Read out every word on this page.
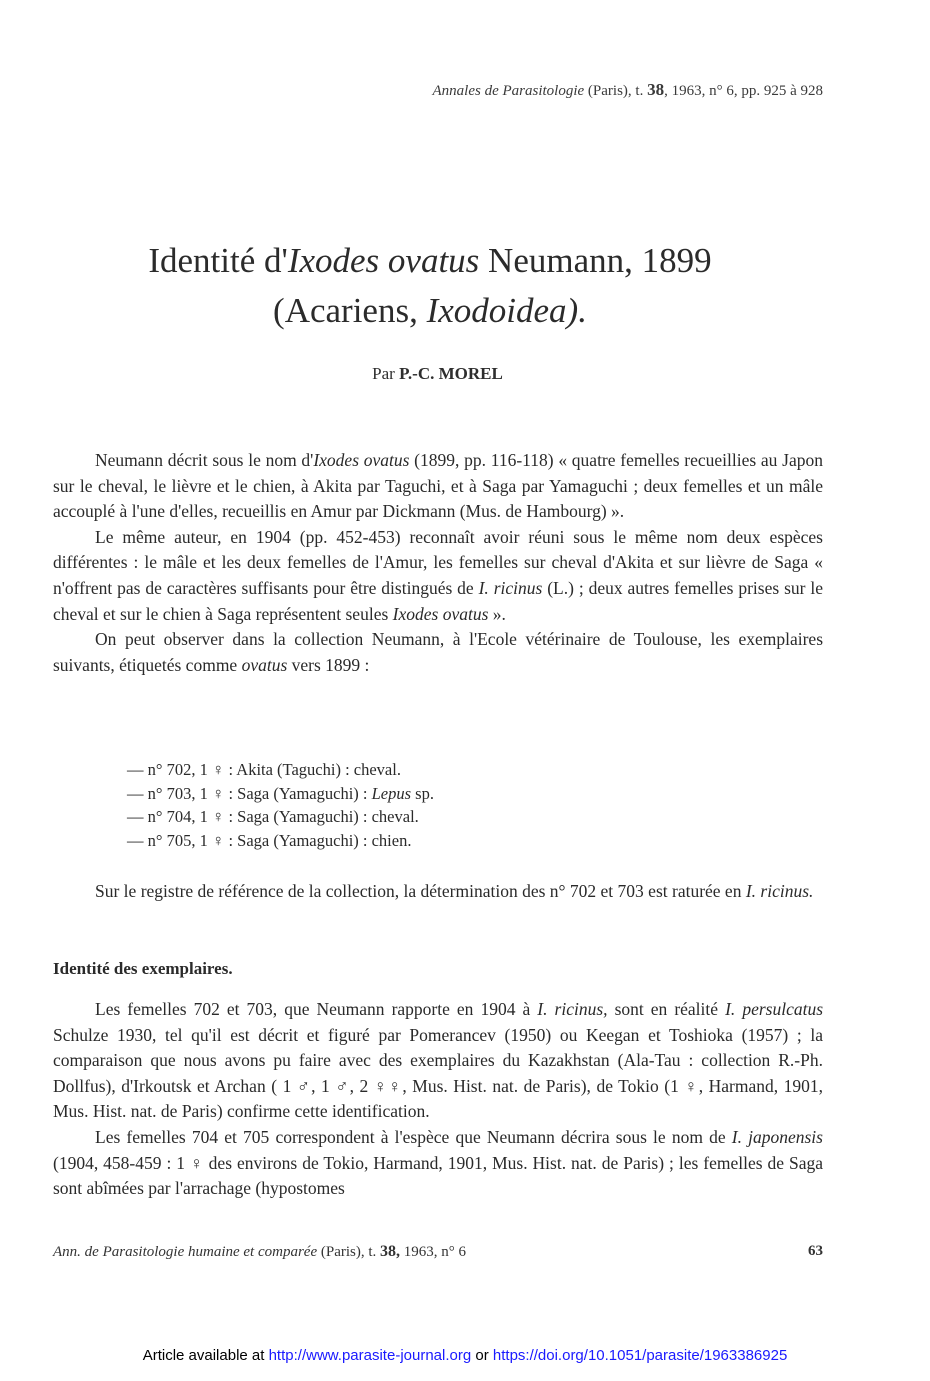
Annales de Parasitologie (Paris), t. 38, 1963, n° 6, pp. 925 à 928
Identité d'Ixodes ovatus Neumann, 1899
(Acariens, Ixodoidea).
Par P.-C. MOREL

Neumann décrit sous le nom d'Ixodes ovatus (1899, pp. 116-118) « quatre femelles recueillies au Japon sur le cheval, le lièvre et le chien, à Akita par Taguchi, et à Saga par Yamaguchi ; deux femelles et un mâle accouplé à l'une d'elles, recueillis en Amur par Dickmann (Mus. de Hambourg) ».

Le même auteur, en 1904 (pp. 452-453) reconnaît avoir réuni sous le même nom deux espèces différentes : le mâle et les deux femelles de l'Amur, les femelles sur cheval d'Akita et sur lièvre de Saga « n'offrent pas de caractères suffisants pour être distingués de I. ricinus (L.) ; deux autres femelles prises sur le cheval et sur le chien à Saga représentent seules Ixodes ovatus ».

On peut observer dans la collection Neumann, à l'Ecole vétérinaire de Toulouse, les exemplaires suivants, étiquetés comme ovatus vers 1899 :

— n° 702, 1 ♀ : Akita (Taguchi) : cheval.
— n° 703, 1 ♀ : Saga (Yamaguchi) : Lepus sp.
— n° 704, 1 ♀ : Saga (Yamaguchi) : cheval.
— n° 705, 1 ♀ : Saga (Yamaguchi) : chien.

Sur le registre de référence de la collection, la détermination des n° 702 et 703 est raturée en I. ricinus.

Identité des exemplaires.

Les femelles 702 et 703, que Neumann rapporte en 1904 à I. ricinus, sont en réalité I. persulcatus Schulze 1930, tel qu'il est décrit et figuré par Pomerancev (1950) ou Keegan et Toshioka (1957) ; la comparaison que nous avons pu faire avec des exemplaires du Kazakhstan (Ala-Tau : collection R.-Ph. Dollfus), d'Irkoutsk et Archan ( 1 ♂, 1 ♂, 2 ♀♀, Mus. Hist. nat. de Paris), de Tokio (1 ♀, Harmand, 1901, Mus. Hist. nat. de Paris) confirme cette identification.

Les femelles 704 et 705 correspondent à l'espèce que Neumann décrira sous le nom de I. japonensis (1904, 458-459 : 1 ♀ des environs de Tokio, Harmand, 1901, Mus. Hist. nat. de Paris) ; les femelles de Saga sont abîmées par l'arrachage (hypostomes

Ann. de Parasitologie humaine et comparée (Paris), t. 38, 1963, n° 6	63
Article available at http://www.parasite-journal.org or https://doi.org/10.1051/parasite/1963386925
